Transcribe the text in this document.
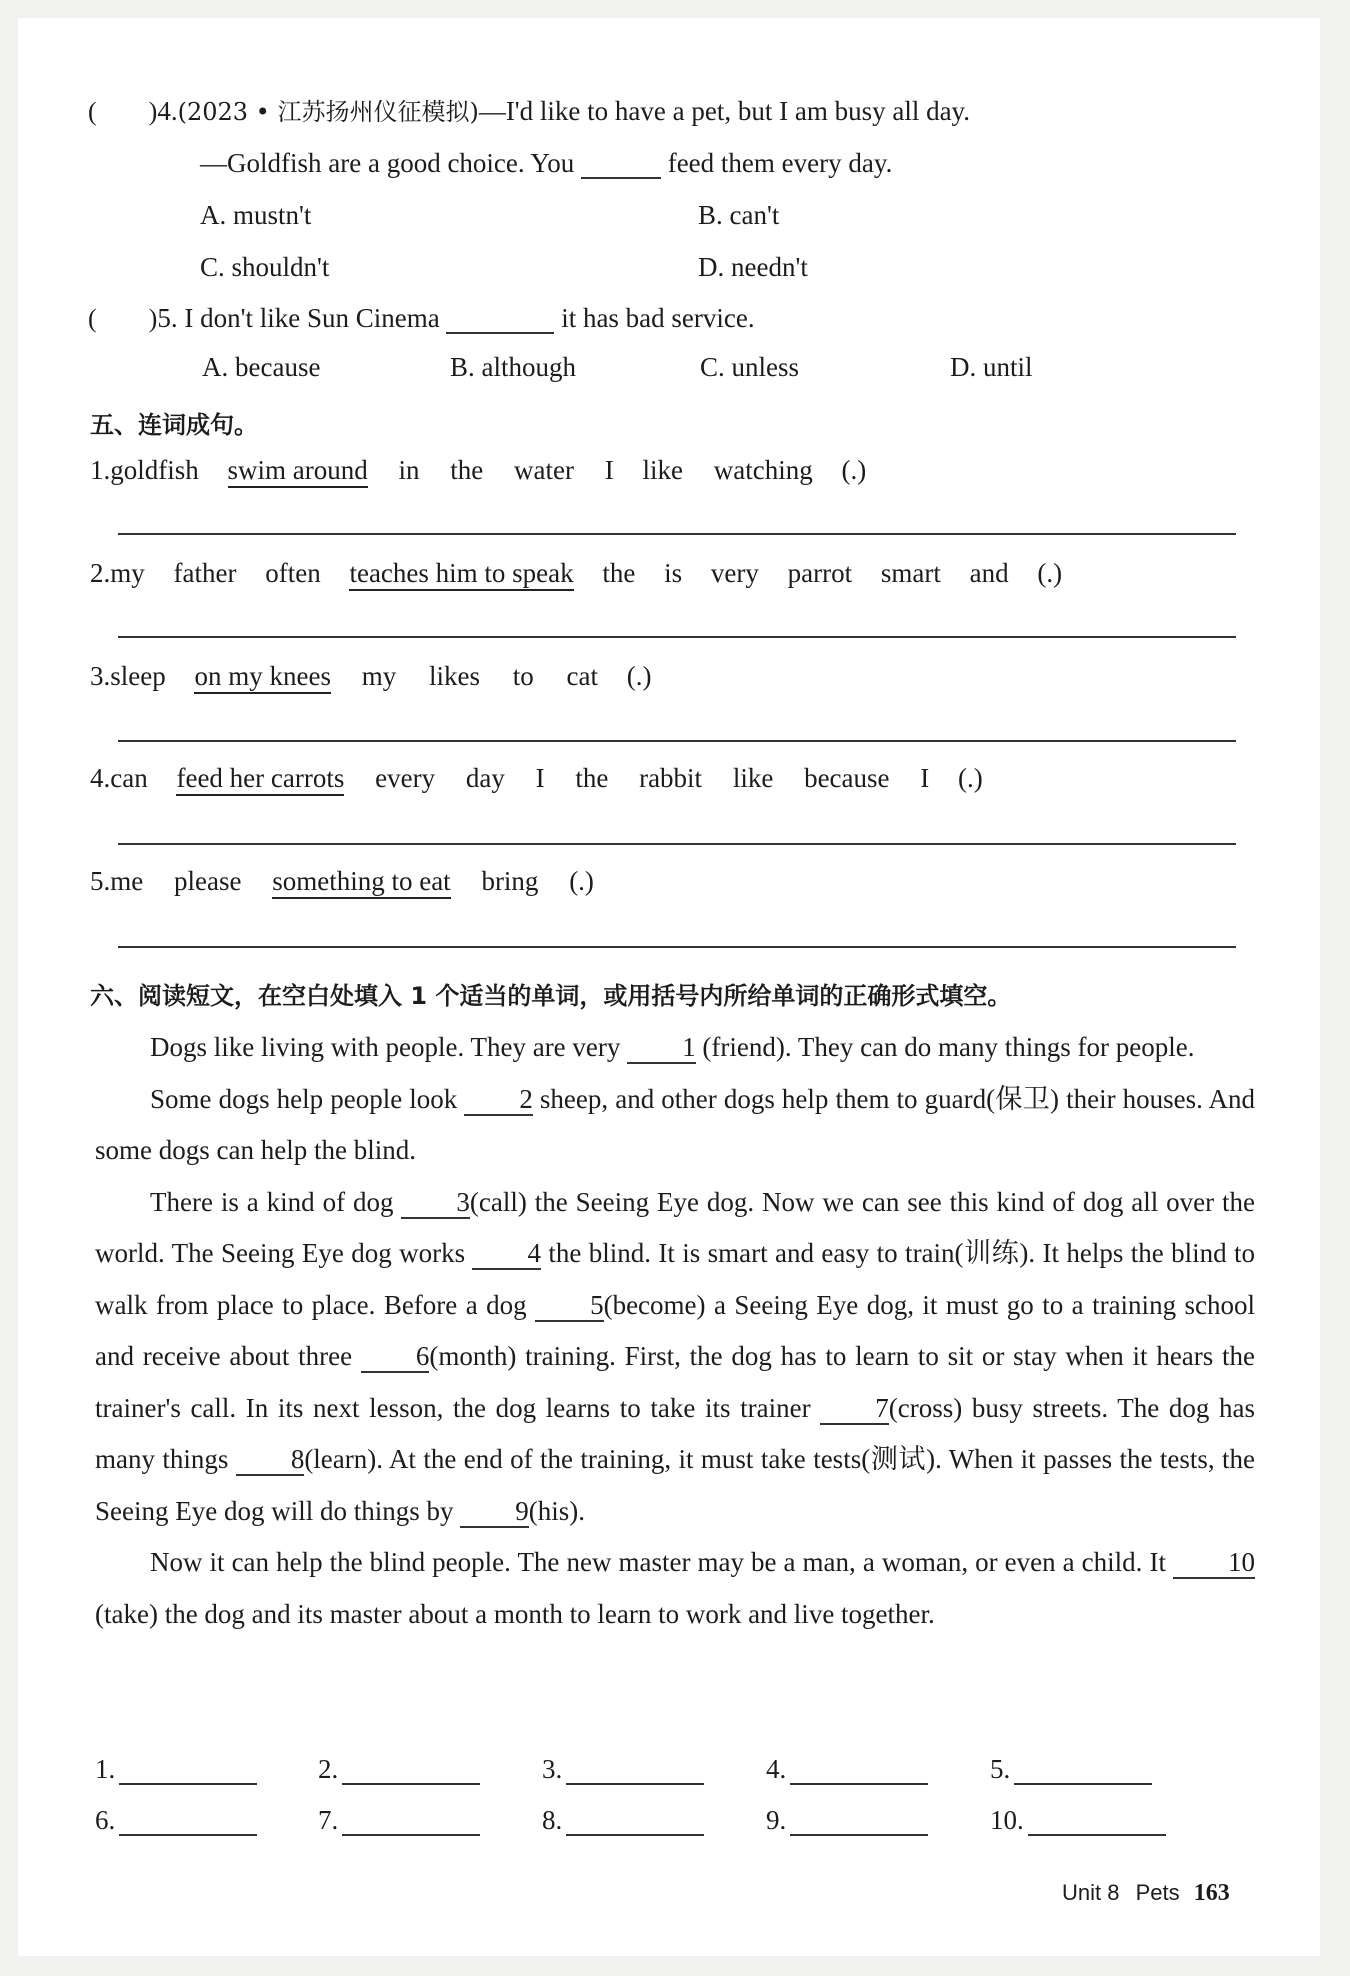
( )4.(2023 • 江苏扬州仪征模拟)—I'd like to have a pet, but I am busy all day.
—Goldfish are a good choice. You	feed them every day.
A. mustn't	B. can't
C. shouldn't	D. needn't
( )5. I don't like Sun Cinema	it has bad service.
A. because	B. although	C. unless	D. until
五、连词成句。
1.goldfish swim around in the water I like watching (.)
2.my father often teaches him to speak the is very parrot smart and (.)
3.sleep on my knees my likes to cat (.)
4.can feed her carrots every day I the rabbit like because I (.)
5.me please something to eat bring (.)
六、阅读短文，在空白处填入 1 个适当的单词，或用括号内所给单词的正确形式填空。

Dogs like living with people. They are very 1 (friend). They can do many things for people.

Some dogs help people look 2 sheep, and other dogs help them to guard(保卫) their houses. And some dogs can help the blind.

There is a kind of dog 3(call) the Seeing Eye dog. Now we can see this kind of dog all over the world. The Seeing Eye dog works 4 the blind. It is smart and easy to train(训练). It helps the blind to walk from place to place. Before a dog 5(become) a Seeing Eye dog, it must go to a training school and receive about three 6(month) training. First, the dog has to learn to sit or stay when it hears the trainer's call. In its next lesson, the dog learns to take its trainer 7(cross) busy streets. The dog has many things 8(learn). At the end of the training, it must take tests(测试). When it passes the tests, the Seeing Eye dog will do things by 9(his).

Now it can help the blind people. The new master may be a man, a woman, or even a child. It 10(take) the dog and its master about a month to learn to work and live together.

1.	2.	3.	4.	5.
6.	7.	8.	9.	10.
Unit 8 Pets 163
